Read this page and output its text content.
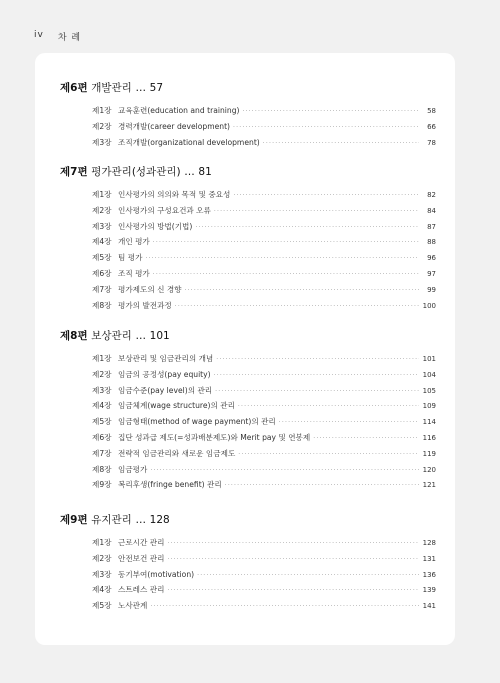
iv 차 례
제6편 개발관리 … 57
제1장 교육훈련(education and training) ·····	58
제2장 경력개발(career development) ·····	66
제3장 조직개발(organizational development) ·····	78
제7편 평가관리(성과관리) … 81
제1장 인사평가의 의의와 목적 및 중요성 ·····	82
제2장 인사평가의 구성요건과 오류 ·····	84
제3장 인사평가의 방법(기법) ·····	87
제4장 개인 평가 ·····	88
제5장 팀 평가 ·····	96
제6장 조직 평가 ·····	97
제7장 평가제도의 신 경향 ·····	99
제8장 평가의 발전과정 ·····	100
제8편 보상관리 … 101
제1장 보상관리 및 임금관리의 개념 ·····	101
제2장 임금의 공정성(pay equity) ·····	104
제3장 임금수준(pay level)의 관리 ·····	105
제4장 임금체계(wage structure)의 관리 ·····	109
제5장 임금형태(method of wage payment)의 관리 ·····	114
제6장 집단 성과급 제도(=성과배분제도)와 Merit pay 및 연봉제 ·····	116
제7장 전략적 임금관리와 새로운 임금제도 ·····	119
제8장 임금평가 ·····	120
제9장 복리후생(fringe benefit) 관리 ·····	121
제9편 유지관리 … 128
제1장 근로시간 관리 ·····	128
제2장 안전보건 관리 ·····	131
제3장 동기부여(motivation) ·····	136
제4장 스트레스 관리 ·····	139
제5장 노사관계 ·····	141
